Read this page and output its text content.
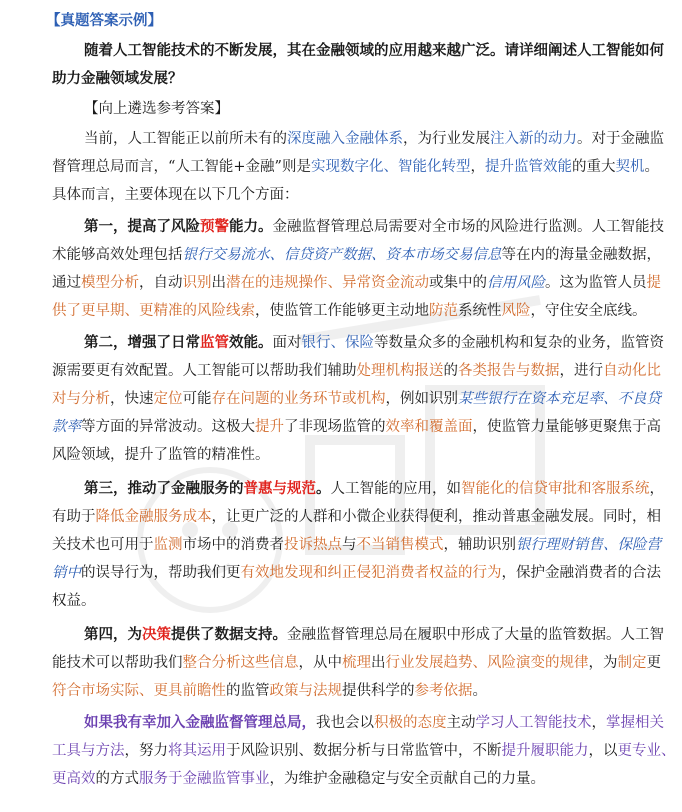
【真题答案示例】
随着人工智能技术的不断发展，其在金融领域的应用越来越广泛。请详细阐述人工智能如何
助力金融领域发展？
【向上遴选参考答案】
当前，人工智能正以前所未有的深度融入金融体系，为行业发展注入新的动力。对于金融监
督管理总局而言，“人工智能+金融”则是实现数字化、智能化转型，提升监管效能的重大契机。
具体而言，主要体现在以下几个方面：
第一，提高了风险预警能力。金融监督管理总局需要对全市场的风险进行监测。人工智能技
术能够高效处理包括银行交易流水、信贷资产数据、资本市场交易信息等在内的海量金融数据，
通过模型分析，自动识别出潜在的违规操作、异常资金流动或集中的信用风险。这为监管人员提
供了更早期、更精准的风险线索，使监管工作能够更主动地防范系统性风险，守住安全底线。
第二，增强了日常监管效能。面对银行、保险等数量众多的金融机构和复杂的业务，监管资
源需要更有效配置。人工智能可以帮助我们辅助处理机构报送的各类报告与数据，进行自动化比
对与分析，快速定位可能存在问题的业务环节或机构，例如识别某些银行在资本充足率、不良贷
款率等方面的异常波动。这极大提升了非现场监管的效率和覆盖面，使监管力量能够更聚焦于高
风险领域，提升了监管的精准性。
第三，推动了金融服务的普惠与规范。人工智能的应用，如智能化的信贷审批和客服系统，
有助于降低金融服务成本，让更广泛的人群和小微企业获得便利，推动普惠金融发展。同时，相
关技术也可用于监测市场中的消费者投诉热点与不当销售模式，辅助识别银行理财销售、保险营
销中的误导行为，帮助我们更有效地发现和纠正侵犯消费者权益的行为，保护金融消费者的合法
权益。
第四，为决策提供了数据支持。金融监督管理总局在履职中形成了大量的监管数据。人工智
能技术可以帮助我们整合分析这些信息，从中梳理出行业发展趋势、风险演变的规律，为制定更
符合市场实际、更具前瞻性的监管政策与法规提供科学的参考依据。
如果我有幸加入金融监督管理总局，我也会以积极的态度主动学习人工智能技术，掌握相关
工具与方法，努力将其运用于风险识别、数据分析与日常监管中，不断提升履职能力，以更专业、
更高效的方式服务于金融监管事业，为维护金融稳定与安全贡献自己的力量。
